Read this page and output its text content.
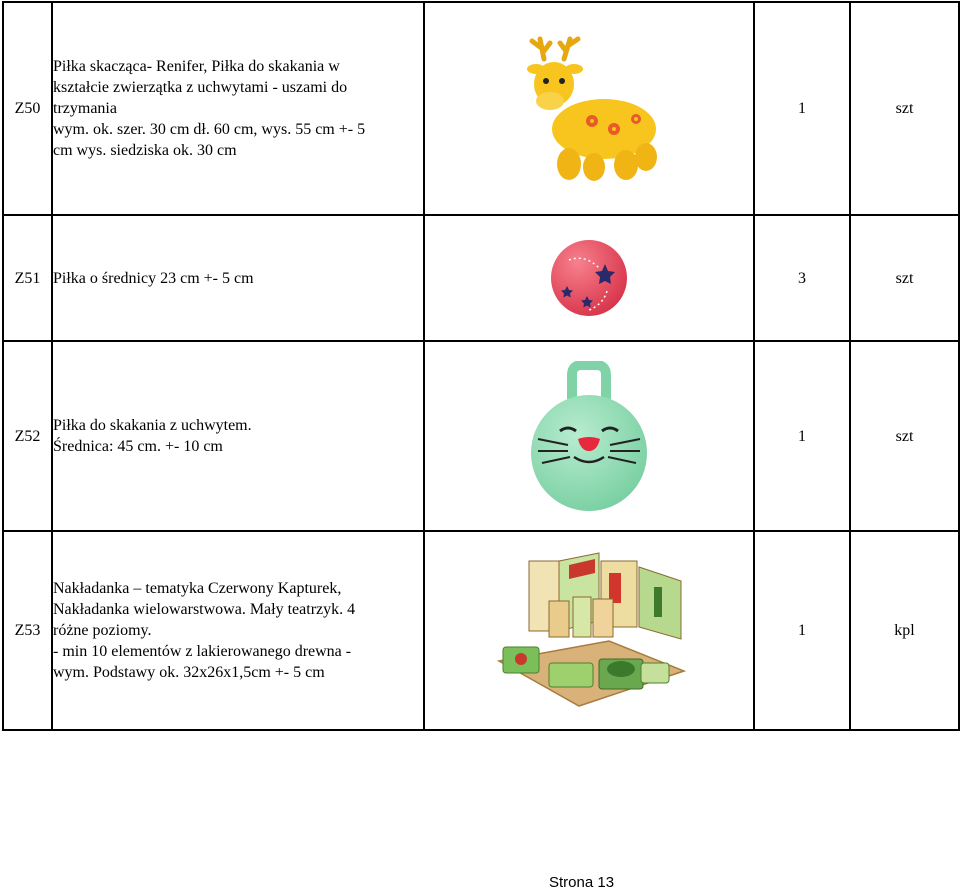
Z50	Piłka skacząca- Renifer, Piłka do skakania w
kształcie zwierzątka z uchwytami - uszami do
trzymania
wym. ok. szer. 30 cm dł. 60 cm, wys. 55 cm +- 5
cm wys. siedziska ok. 30 cm		1	szt
Z51	Piłka o średnicy 23 cm +- 5 cm		3	szt
Z52	Piłka do skakania z uchwytem.
Średnica: 45 cm. +- 10 cm		1	szt
Z53	Nakładanka – tematyka Czerwony Kapturek,
Nakładanka wielowarstwowa. Mały teatrzyk. 4
różne poziomy.
- min 10 elementów z lakierowanego drewna -
wym. Podstawy ok. 32x26x1,5cm +- 5 cm		1	kpl
Strona 13
